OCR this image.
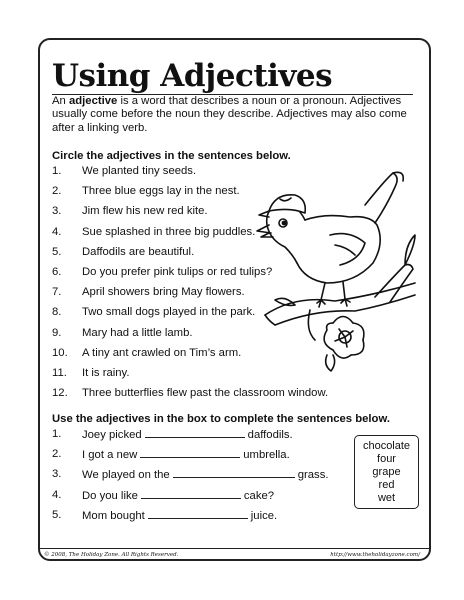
Using Adjectives

An adjective is a word that describes a noun or a pronoun. Adjectives usually come before the noun they describe. Adjectives may also come after a linking verb.

Circle the adjectives in the sentences below.

1.	We planted tiny seeds.
2.	Three blue eggs lay in the nest.
3.	Jim flew his new red kite.
4.	Sue splashed in three big puddles.
5.	Daffodils are beautiful.
6.	Do you prefer pink tulips or red tulips?
7.	April showers bring May flowers.
8.	Two small dogs played in the park.
9.	Mary had a little lamb.
10.	A tiny ant crawled on Tim’s arm.
11.	It is rainy.
12.	Three butterflies flew past the classroom window.

Use the adjectives in the box to complete the sentences below.

1.	Joey picked	daffodils.
2.	I got a new	umbrella.
3.	We played on the	grass.
4.	Do you like	cake?
5.	Mom bought	juice.
chocolate
four
grape
red
wet
© 2008, The Holiday Zone. All Rights Reserved.	http://www.theholidayzone.com/
